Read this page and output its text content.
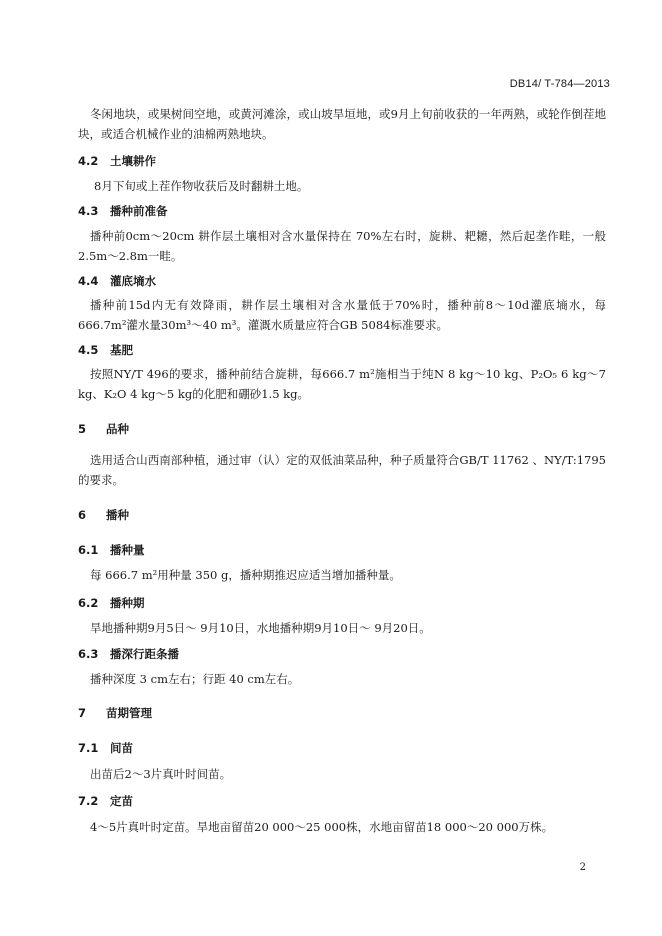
DB14/ T-784—2013

冬闲地块，或果树间空地，或黄河滩涂，或山坡旱垣地，或9月上旬前收获的一年两熟，或轮作倒茬地块，或适合机械作业的油棉两熟地块。

4.2 土壤耕作

8月下旬或上茬作物收获后及时翻耕土地。

4.3 播种前准备

播种前0cm～20cm 耕作层土壤相对含水量保持在 70%左右时，旋耕、耙耱，然后起垄作畦，一般2.5m～2.8m一畦。

4.4 灌底墒水

播种前15d内无有效降雨，耕作层土壤相对含水量低于70%时，播种前8～10d灌底墒水，每666.7m²灌水量30m³～40 m³。灌溉水质量应符合GB 5084标准要求。

4.5 基肥

按照NY/T 496的要求，播种前结合旋耕，每666.7 m²施相当于纯N 8 kg～10 kg、P₂O₅ 6 kg～7 kg、K₂O 4 kg～5 kg的化肥和硼砂1.5 kg。

5 品种

选用适合山西南部种植，通过审（认）定的双低油菜品种，种子质量符合GB/T 11762 、NY/T:1795的要求。

6 播种
6.1 播种量

每 666.7 m²用种量 350 g，播种期推迟应适当增加播种量。

6.2 播种期

旱地播种期9月5日～ 9月10日，水地播种期9月10日～ 9月20日。

6.3 播深行距条播

播种深度 3 cm左右；行距 40 cm左右。

7 苗期管理
7.1 间苗

出苗后2～3片真叶时间苗。

7.2 定苗

4～5片真叶时定苗。旱地亩留苗20 000～25 000株，水地亩留苗18 000～20 000万株。

2
